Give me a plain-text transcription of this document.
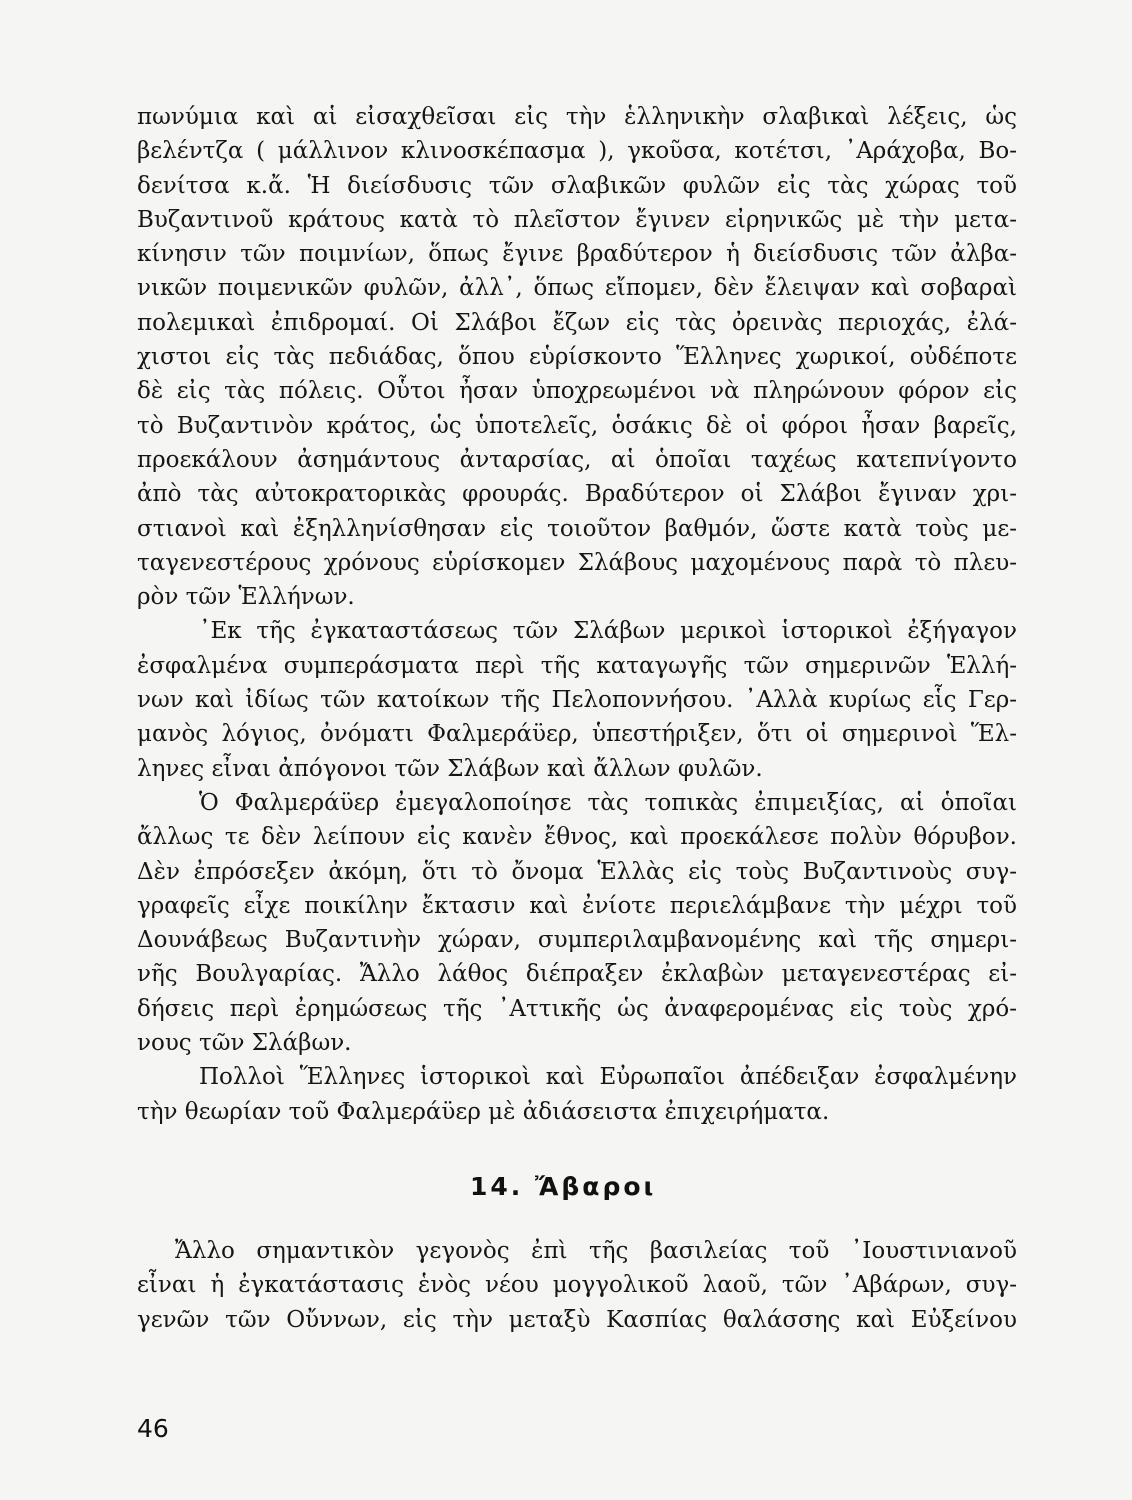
πωνύμια καὶ αἱ εἰσαχθεῖσαι εἰς τὴν ἑλληνικὴν σλαβικαὶ λέξεις, ὡς
βελέντζα ( μάλλινον κλινοσκέπασμα ), γκοῦσα, κοτέτσι, ᾽Αράχοβα, Βο-
δενίτσα κ.ἄ. Ἡ διείσδυσις τῶν σλαβικῶν φυλῶν εἰς τὰς χώρας τοῦ
Βυζαντινοῦ κράτους κατὰ τὸ πλεῖστον ἔγινεν εἰρηνικῶς μὲ τὴν μετα-
κίνησιν τῶν ποιμνίων, ὅπως ἔγινε βραδύτερον ἡ διείσδυσις τῶν ἀλβα-
νικῶν ποιμενικῶν φυλῶν, ἀλλ᾽, ὅπως εἴπομεν, δὲν ἔλειψαν καὶ σοβαραὶ
πολεμικαὶ ἐπιδρομαί. Οἱ Σλάβοι ἔζων εἰς τὰς ὀρεινὰς περιοχάς, ἐλά-
χιστοι εἰς τὰς πεδιάδας, ὅπου εὑρίσκοντο Ἕλληνες χωρικοί, οὐδέποτε
δὲ εἰς τὰς πόλεις. Οὗτοι ἦσαν ὑποχρεωμένοι νὰ πληρώνουν φόρον εἰς
τὸ Βυζαντινὸν κράτος, ὡς ὑποτελεῖς, ὁσάκις δὲ οἱ φόροι ἦσαν βαρεῖς,
προεκάλουν ἀσημάντους ἀνταρσίας, αἱ ὁποῖαι ταχέως κατεπνίγοντο
ἀπὸ τὰς αὐτοκρατορικὰς φρουράς. Βραδύτερον οἱ Σλάβοι ἔγιναν χρι-
στιανοὶ καὶ ἐξηλληνίσθησαν εἰς τοιοῦτον βαθμόν, ὥστε κατὰ τοὺς με-
ταγενεστέρους χρόνους εὑρίσκομεν Σλάβους μαχομένους παρὰ τὸ πλευ-
ρὸν τῶν Ἑλλήνων.
᾽Εκ τῆς ἐγκαταστάσεως τῶν Σλάβων μερικοὶ ἱστορικοὶ ἐξήγαγον
ἐσφαλμένα συμπεράσματα περὶ τῆς καταγωγῆς τῶν σημερινῶν Ἑλλή-
νων καὶ ἰδίως τῶν κατοίκων τῆς Πελοποννήσου. ᾽Αλλὰ κυρίως εἷς Γερ-
μανὸς λόγιος, ὀνόματι Φαλμεράϋερ, ὑπεστήριξεν, ὅτι οἱ σημερινοὶ Ἕλ-
ληνες εἶναι ἀπόγονοι τῶν Σλάβων καὶ ἄλλων φυλῶν.
Ὁ Φαλμεράϋερ ἐμεγαλοποίησε τὰς τοπικὰς ἐπιμειξίας, αἱ ὁποῖαι
ἄλλως τε δὲν λείπουν εἰς κανὲν ἔθνος, καὶ προεκάλεσε πολὺν θόρυβον.
Δὲν ἐπρόσεξεν ἀκόμη, ὅτι τὸ ὄνομα Ἑλλὰς εἰς τοὺς Βυζαντινοὺς συγ-
γραφεῖς εἶχε ποικίλην ἔκτασιν καὶ ἐνίοτε περιελάμβανε τὴν μέχρι τοῦ
Δουνάβεως Βυζαντινὴν χώραν, συμπεριλαμβανομένης καὶ τῆς σημερι-
νῆς Βουλγαρίας. Ἄλλο λάθος διέπραξεν ἐκλαβὼν μεταγενεστέρας εἰ-
δήσεις περὶ ἐρημώσεως τῆς ᾽Αττικῆς ὡς ἀναφερομένας εἰς τοὺς χρό-
νους τῶν Σλάβων.
Πολλοὶ Ἕλληνες ἱστορικοὶ καὶ Εὐρωπαῖοι ἀπέδειξαν ἐσφαλμένην
τὴν θεωρίαν τοῦ Φαλμεράϋερ μὲ ἀδιάσειστα ἐπιχειρήματα.
14. Ἄβαροι
Ἄλλο σημαντικὸν γεγονὸς ἐπὶ τῆς βασιλείας τοῦ ᾽Ιουστινιανοῦ
εἶναι ἡ ἐγκατάστασις ἑνὸς νέου μογγολικοῦ λαοῦ, τῶν ᾽Αβάρων, συγ-
γενῶν τῶν Οὔννων, εἰς τὴν μεταξὺ Κασπίας θαλάσσης καὶ Εὐξείνου
46
